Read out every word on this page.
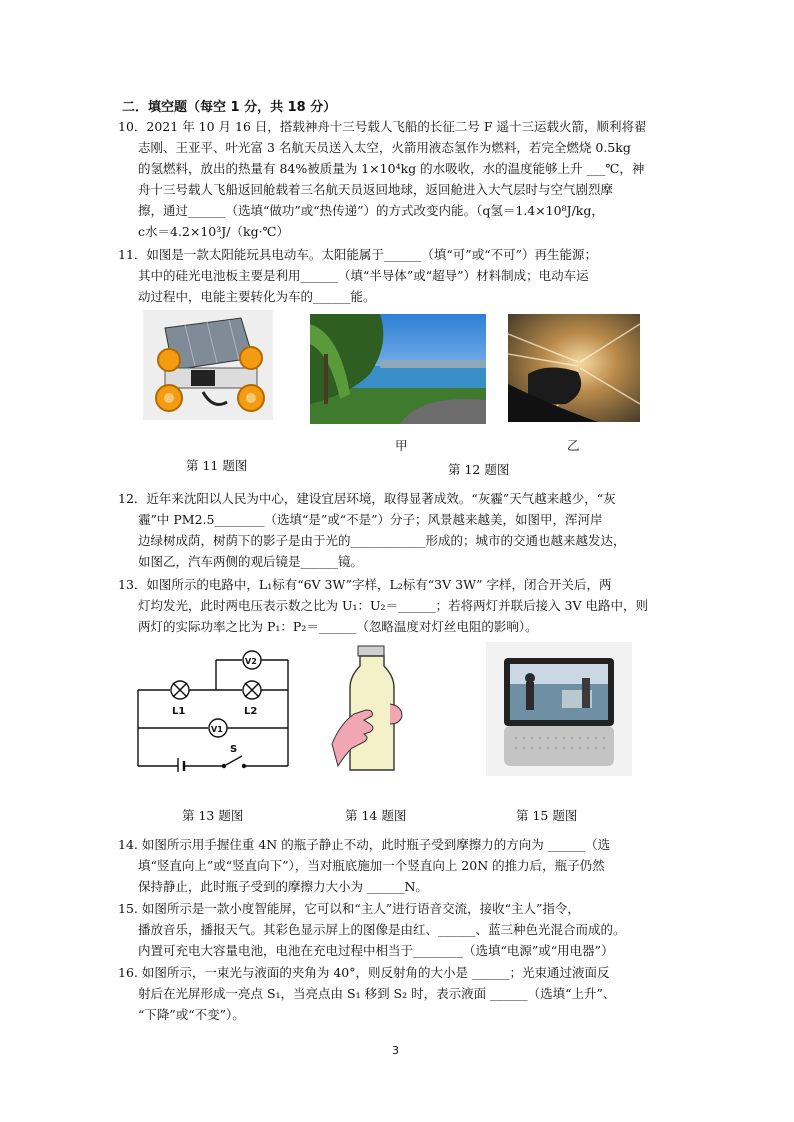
二．填空题（每空 1 分，共 18 分）
10．2021 年 10 月 16 日，搭载神舟十三号载人飞船的长征二号 F 遥十三运载火箭，顺利将翟
志刚、王亚平、叶光富 3 名航天员送入太空，火箭用液态氢作为燃料，若完全燃烧 0.5kg
的氢燃料，放出的热量有 84%被质量为 1×10⁴kg 的水吸收，水的温度能够上升 ___℃，神
舟十三号载人飞船返回舱载着三名航天员返回地球，返回舱进入大气层时与空气剧烈摩
擦，通过______（选填“做功”或“热传递”）的方式改变内能。（q氢＝1.4×10⁸J/kg，
c水＝4.2×10³J/（kg·℃）
11．如图是一款太阳能玩具电动车。太阳能属于______（填“可”或“不可”）再生能源；
其中的硅光电池板主要是利用______（填“半导体”或“超导”）材料制成；电动车运
动过程中，电能主要转化为车的______能。
第 11 题图
甲	乙
第 12 题图
12．近年来沈阳以人民为中心，建设宜居环境，取得显著成效。“灰霾”天气越来越少，“灰
霾”中 PM2.5________（选填“是”或“不是”）分子；风景越来越美，如图甲，浑河岸
边绿树成荫，树荫下的影子是由于光的____________形成的；城市的交通也越来越发达，
如图乙，汽车两侧的观后镜是______镜。
13．如图所示的电路中，L₁标有“6V 3W”字样，L₂标有“3V 3W” 字样，闭合开关后，两
灯均发光，此时两电压表示数之比为 U₁：U₂＝______；若将两灯并联后接入 3V 电路中，则
两灯的实际功率之比为 P₁：P₂＝______（忽略温度对灯丝电阻的影响）。
L1	L2
V1
V2
S
第 13 题图	第 14 题图	第 15 题图
14. 如图所示用手握住重 4N 的瓶子静止不动，此时瓶子受到摩擦力的方向为 ______（选
填“竖直向上”或“竖直向下”），当对瓶底施加一个竖直向上 20N 的推力后，瓶子仍然
保持静止，此时瓶子受到的摩擦力大小为 ______N。
15. 如图所示是一款小度智能屏，它可以和“主人”进行语音交流，接收“主人”指令，
播放音乐，播报天气。其彩色显示屏上的图像是由红、______、蓝三种色光混合而成的。
内置可充电大容量电池，电池在充电过程中相当于________（选填“电源”或“用电器”）
16. 如图所示，一束光与液面的夹角为 40°，则反射角的大小是 ______；光束通过液面反
射后在光屏形成一亮点 S₁，当亮点由 S₁ 移到 S₂ 时，表示液面 ______（选填“上升”、
“下降”或“不变”）。
3
